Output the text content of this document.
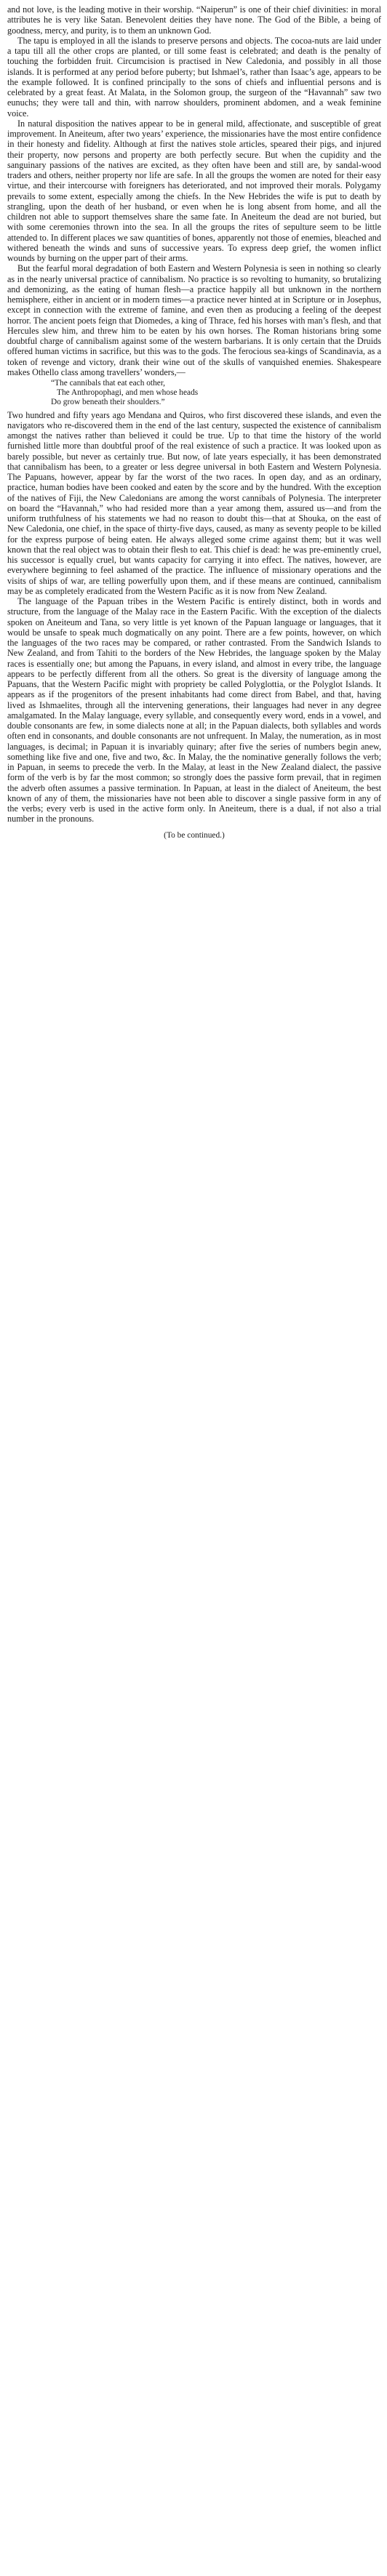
and not love, is the leading motive in their worship. “Naiperun” is one of their chief divinities: in moral attributes he is very like Satan. Benevolent deities they have none. The God of the Bible, a being of goodness, mercy, and purity, is to them an unknown God.

The tapu is employed in all the islands to preserve persons and objects. The cocoa-nuts are laid under a tapu till all the other crops are planted, or till some feast is celebrated; and death is the penalty of touching the forbidden fruit. Circumcision is practised in New Caledonia, and possibly in all those islands. It is performed at any period before puberty; but Ishmael’s, rather than Isaac’s age, appears to be the example followed. It is confined principally to the sons of chiefs and influential persons and is celebrated by a great feast. At Malata, in the Solomon group, the surgeon of the “Havannah” saw two eunuchs; they were tall and thin, with narrow shoulders, prominent abdomen, and a weak feminine voice.

In natural disposition the natives appear to be in general mild, affectionate, and susceptible of great improvement. In Aneiteum, after two years’ experience, the missionaries have the most entire confidence in their honesty and fidelity. Although at first the natives stole articles, speared their pigs, and injured their property, now persons and property are both perfectly secure. But when the cupidity and the sanguinary passions of the natives are excited, as they often have been and still are, by sandal-wood traders and others, neither property nor life are safe. In all the groups the women are noted for their easy virtue, and their intercourse with foreigners has deteriorated, and not improved their morals. Polygamy prevails to some extent, especially among the chiefs. In the New Hebrides the wife is put to death by strangling, upon the death of her husband, or even when he is long absent from home, and all the children not able to support themselves share the same fate. In Aneiteum the dead are not buried, but with some ceremonies thrown into the sea. In all the groups the rites of sepulture seem to be little attended to. In different places we saw quantities of bones, apparently not those of enemies, bleached and withered beneath the winds and suns of successive years. To express deep grief, the women inflict wounds by burning on the upper part of their arms.

But the fearful moral degradation of both Eastern and Western Polynesia is seen in nothing so clearly as in the nearly universal practice of cannibalism. No practice is so revolting to humanity, so brutalizing and demonizing, as the eating of human flesh—a practice happily all but unknown in the northern hemisphere, either in ancient or in modern times—a practice never hinted at in Scripture or in Josephus, except in connection with the extreme of famine, and even then as producing a feeling of the deepest horror. The ancient poets feign that Diomedes, a king of Thrace, fed his horses with man’s flesh, and that Hercules slew him, and threw him to be eaten by his own horses. The Roman historians bring some doubtful charge of cannibalism against some of the western barbarians. It is only certain that the Druids offered human victims in sacrifice, but this was to the gods. The ferocious sea-kings of Scandinavia, as a token of revenge and victory, drank their wine out of the skulls of vanquished enemies. Shakespeare makes Othello class among travellers’ wonders,—

“The cannibals that eat each other,
The Anthropophagi, and men whose heads
Do grow beneath their shoulders.”

Two hundred and fifty years ago Mendana and Quiros, who first discovered these islands, and even the navigators who re-discovered them in the end of the last century, suspected the existence of cannibalism amongst the natives rather than believed it could be true. Up to that time the history of the world furnished little more than doubtful proof of the real existence of such a practice. It was looked upon as barely possible, but never as certainly true. But now, of late years especially, it has been demonstrated that cannibalism has been, to a greater or less degree universal in both Eastern and Western Polynesia. The Papuans, however, appear by far the worst of the two races. In open day, and as an ordinary, practice, human bodies have been cooked and eaten by the score and by the hundred. With the exception of the natives of Fiji, the New Caledonians are among the worst cannibals of Polynesia. The interpreter on board the “Havannah,” who had resided more than a year among them, assured us—and from the uniform truthfulness of his statements we had no reason to doubt this—that at Shouka, on the east of New Caledonia, one chief, in the space of thirty-five days, caused, as many as seventy people to be killed for the express purpose of being eaten. He always alleged some crime against them; but it was well known that the real object was to obtain their flesh to eat. This chief is dead: he was pre-eminently cruel, his successor is equally cruel, but wants capacity for carrying it into effect. The natives, however, are everywhere beginning to feel ashamed of the practice. The influence of missionary operations and the visits of ships of war, are telling powerfully upon them, and if these means are continued, cannibalism may be as completely eradicated from the Western Pacific as it is now from New Zealand.

The language of the Papuan tribes in the Western Pacific is entirely distinct, both in words and structure, from the language of the Malay race in the Eastern Pacific. With the exception of the dialects spoken on Aneiteum and Tana, so very little is yet known of the Papuan language or languages, that it would be unsafe to speak much dogmatically on any point. There are a few points, however, on which the languages of the two races may be compared, or rather contrasted. From the Sandwich Islands to New Zealand, and from Tahiti to the borders of the New Hebrides, the language spoken by the Malay races is essentially one; but among the Papuans, in every island, and almost in every tribe, the language appears to be perfectly different from all the others. So great is the diversity of language among the Papuans, that the Western Pacific might with propriety be called Polyglottia, or the Polyglot Islands. It appears as if the progenitors of the present inhabitants had come direct from Babel, and that, having lived as Ishmaelites, through all the intervening generations, their languages had never in any degree amalgamated. In the Malay language, every syllable, and consequently every word, ends in a vowel, and double consonants are few, in some dialects none at all; in the Papuan dialects, both syllables and words often end in consonants, and double consonants are not unfrequent. In Malay, the numeration, as in most languages, is decimal; in Papuan it is invariably quinary; after five the series of numbers begin anew, something like five and one, five and two, &c. In Malay, the the nominative generally follows the verb; in Papuan, in seems to precede the verb. In the Malay, at least in the New Zealand dialect, the passive form of the verb is by far the most common; so strongly does the passive form prevail, that in regimen the adverb often assumes a passive termination. In Papuan, at least in the dialect of Aneiteum, the best known of any of them, the missionaries have not been able to discover a single passive form in any of the verbs; every verb is used in the active form only. In Aneiteum, there is a dual, if not also a trial number in the pronouns.

(To be continued.)
